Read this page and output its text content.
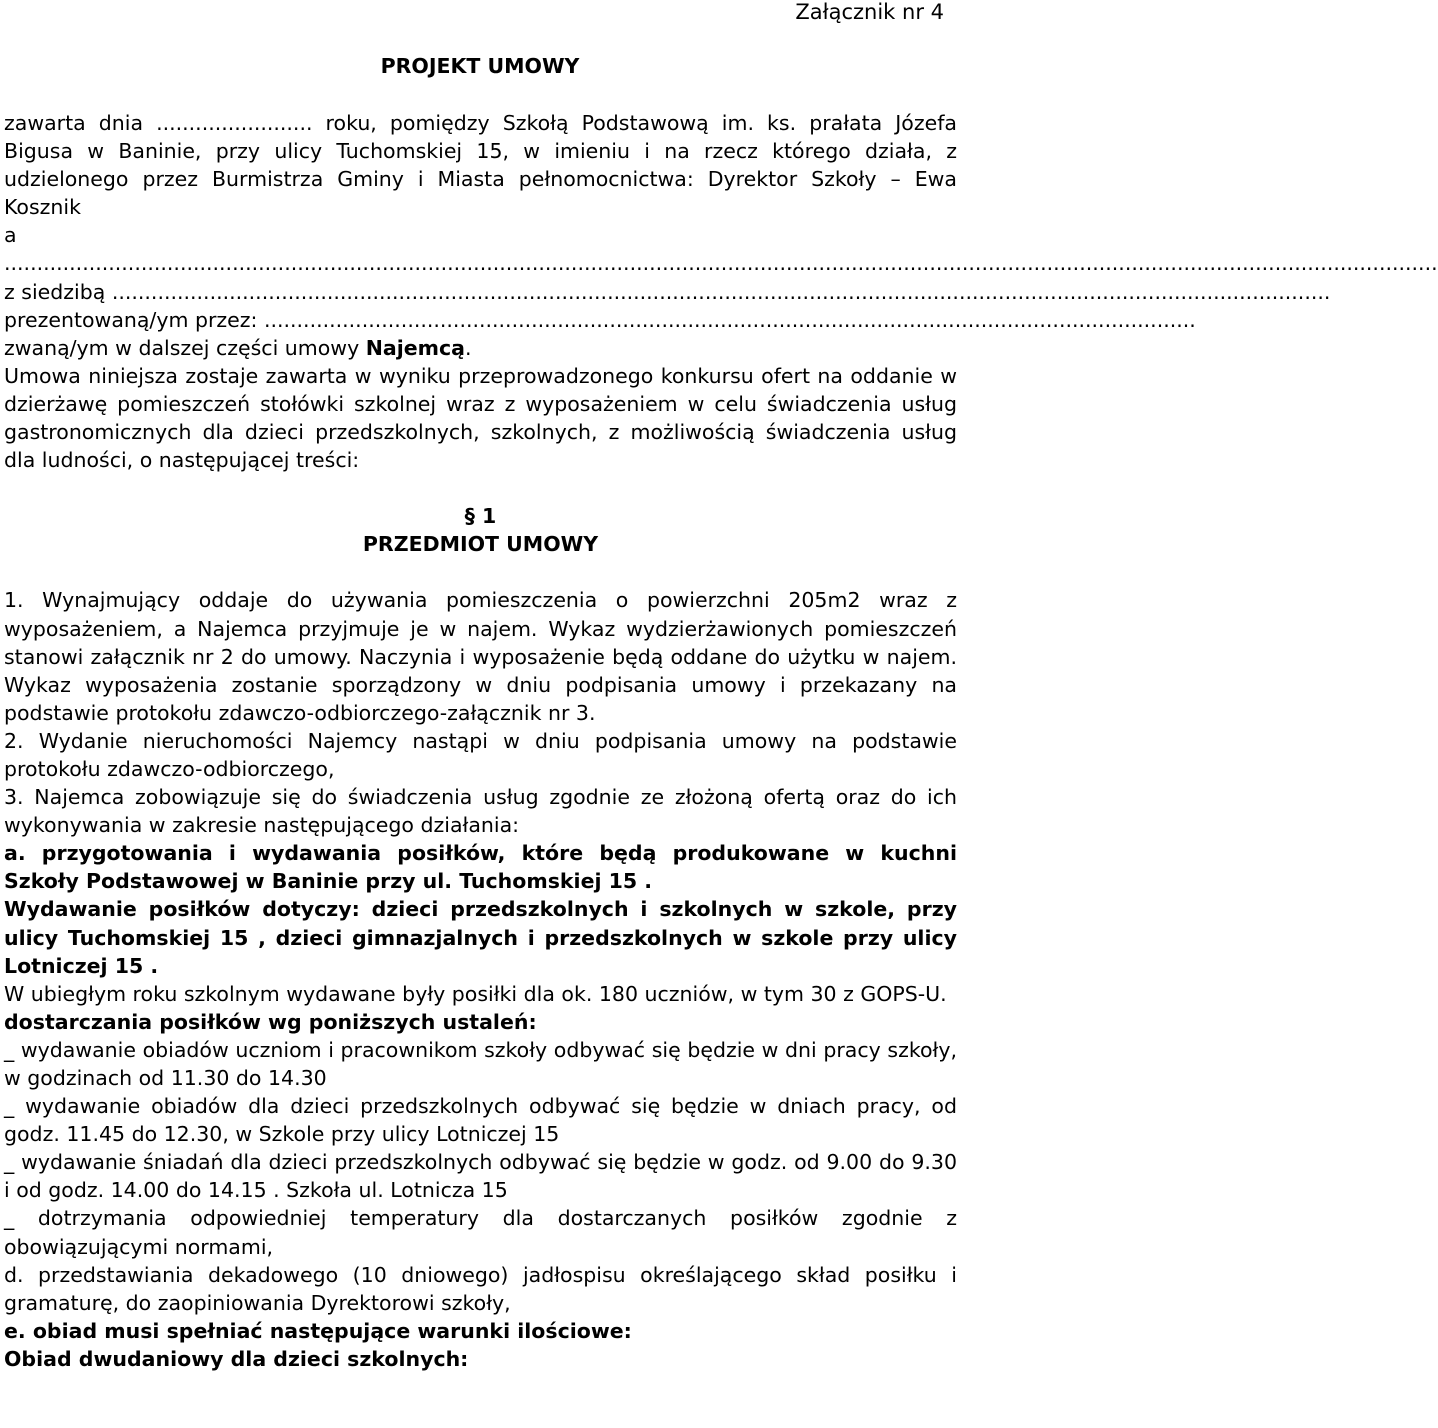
Załącznik nr 4
PROJEKT UMOWY

zawarta dnia ........................ roku, pomiędzy Szkołą Podstawową im. ks. prałata Józefa Bigusa w Baninie, przy ulicy Tuchomskiej 15, w imieniu i na rzecz którego działa, z udzielonego przez Burmistrza Gminy i Miasta pełnomocnictwa: Dyrektor Szkoły – Ewa Kosznik

a

............................................................................................................................................................................................................................

z siedzibą ...........................................................................................................................................................................................

prezentowaną/ym przez: ...............................................................................................................................................

zwaną/ym w dalszej części umowy Najemcą.

Umowa niniejsza zostaje zawarta w wyniku przeprowadzonego konkursu ofert na oddanie w dzierżawę pomieszczeń stołówki szkolnej wraz z wyposażeniem w celu świadczenia usług gastronomicznych dla dzieci przedszkolnych, szkolnych, z możliwością świadczenia usług dla ludności, o następującej treści:

§ 1
PRZEDMIOT UMOWY

1. Wynajmujący oddaje do używania pomieszczenia o powierzchni 205m2 wraz z wyposażeniem, a Najemca przyjmuje je w najem. Wykaz wydzierżawionych pomieszczeń stanowi załącznik nr 2 do umowy. Naczynia i wyposażenie będą oddane do użytku w najem. Wykaz wyposażenia zostanie sporządzony w dniu podpisania umowy i przekazany na podstawie protokołu zdawczo-odbiorczego-załącznik nr 3.

2. Wydanie nieruchomości Najemcy nastąpi w dniu podpisania umowy na podstawie protokołu zdawczo-odbiorczego,

3. Najemca zobowiązuje się do świadczenia usług zgodnie ze złożoną ofertą oraz do ich wykonywania w zakresie następującego działania:

a. przygotowania i wydawania posiłków, które będą produkowane w kuchni Szkoły Podstawowej w Baninie przy ul. Tuchomskiej 15 .

Wydawanie posiłków dotyczy: dzieci przedszkolnych i szkolnych w szkole, przy ulicy Tuchomskiej 15 , dzieci gimnazjalnych i przedszkolnych w szkole przy ulicy Lotniczej 15 .

W ubiegłym roku szkolnym wydawane były posiłki dla ok. 180 uczniów, w tym 30 z GOPS-U.

dostarczania posiłków wg poniższych ustaleń:

_ wydawanie obiadów uczniom i pracownikom szkoły odbywać się będzie w dni pracy szkoły, w godzinach od 11.30 do 14.30

_ wydawanie obiadów dla dzieci przedszkolnych odbywać się będzie w dniach pracy, od godz. 11.45 do 12.30, w Szkole przy ulicy Lotniczej 15

_ wydawanie śniadań dla dzieci przedszkolnych odbywać się będzie w godz. od 9.00 do 9.30 i od godz. 14.00 do 14.15 . Szkoła ul. Lotnicza 15

_ dotrzymania odpowiedniej temperatury dla dostarczanych posiłków zgodnie z obowiązującymi normami,

d. przedstawiania dekadowego (10 dniowego) jadłospisu określającego skład posiłku i gramaturę, do zaopiniowania Dyrektorowi szkoły,

e. obiad musi spełniać następujące warunki ilościowe:

Obiad dwudaniowy dla dzieci szkolnych:
